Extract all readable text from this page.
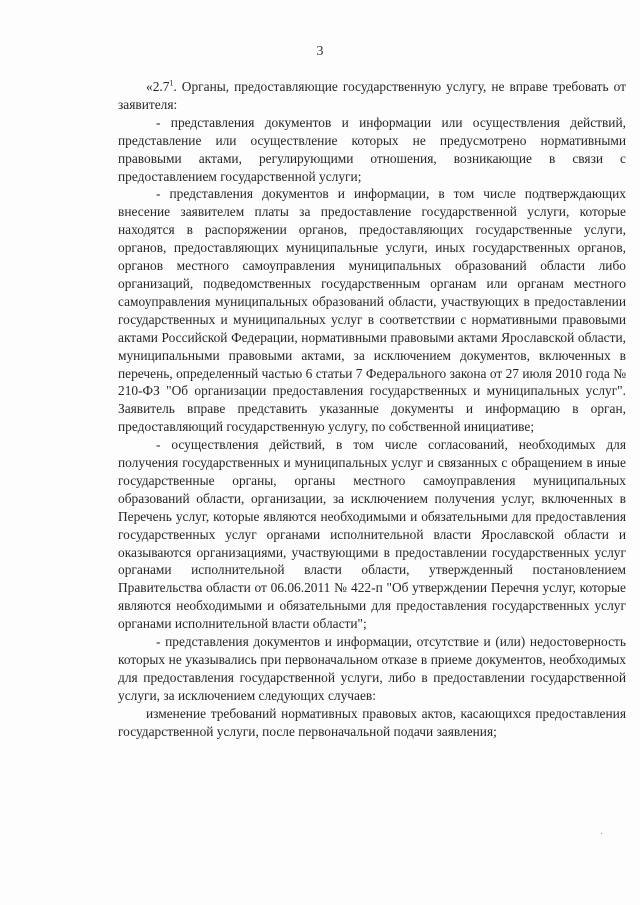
3

«$2.7^1$. Органы, предоставляющие государственную услугу, не вправе требовать от заявителя:

- представления документов и информации или осуществления действий, представление или осуществление которых не предусмотрено нормативными правовыми актами, регулирующими отношения, возникающие в связи с предоставлением государственной услуги;

- представления документов и информации, в том числе подтверждающих внесение заявителем платы за предоставление государственной услуги, которые находятся в распоряжении органов, предоставляющих государственные услуги, органов, предоставляющих муниципальные услуги, иных государственных органов, органов местного самоуправления муниципальных образований области либо организаций, подведомственных государственным органам или органам местного самоуправления муниципальных образований области, участвующих в предоставлении государственных и муниципальных услуг в соответствии с нормативными правовыми актами Российской Федерации, нормативными правовыми актами Ярославской области, муниципальными правовыми актами, за исключением документов, включенных в перечень, определенный частью 6 статьи 7 Федерального закона от 27 июля 2010 года № 210-ФЗ "Об организации предоставления государственных и муниципальных услуг". Заявитель вправе представить указанные документы и информацию в орган, предоставляющий государственную услугу, по собственной инициативе;

- осуществления действий, в том числе согласований, необходимых для получения государственных и муниципальных услуг и связанных с обращением в иные государственные органы, органы местного самоуправления муниципальных образований области, организации, за исключением получения услуг, включенных в Перечень услуг, которые являются необходимыми и обязательными для предоставления государственных услуг органами исполнительной власти Ярославской области и оказываются организациями, участвующими в предоставлении государственных услуг органами исполнительной власти области, утвержденный постановлением Правительства области от 06.06.2011 № 422-п "Об утверждении Перечня услуг, которые являются необходимыми и обязательными для предоставления государственных услуг органами исполнительной власти области";

- представления документов и информации, отсутствие и (или) недостоверность которых не указывались при первоначальном отказе в приеме документов, необходимых для предоставления государственной услуги, либо в предоставлении государственной услуги, за исключением следующих случаев:

изменение требований нормативных правовых актов, касающихся предоставления государственной услуги, после первоначальной подачи заявления;

·
